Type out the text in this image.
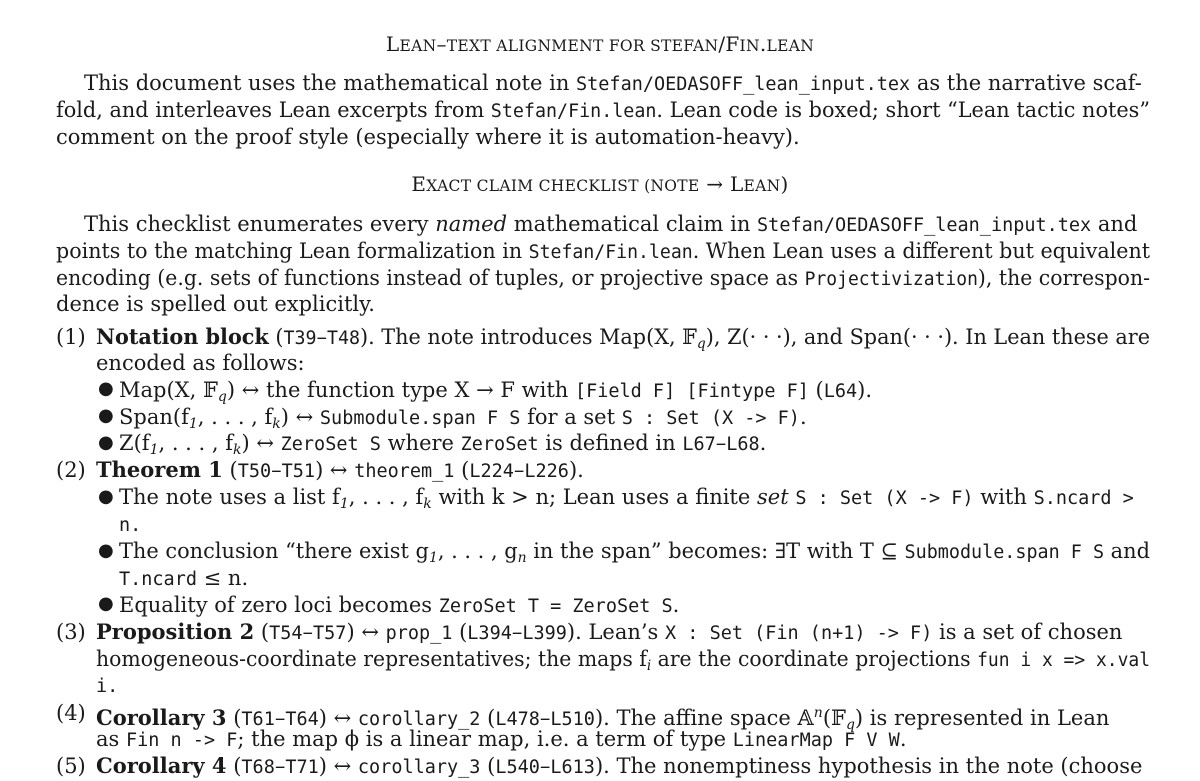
LEAN–TEXT ALIGNMENT FOR STEFAN/FIN.LEAN
This document uses the mathematical note in Stefan/OEDASOFF_lean_input.tex as the narrative scaf-
fold, and interleaves Lean excerpts from Stefan/Fin.lean. Lean code is boxed; short “Lean tactic notes”
comment on the proof style (especially where it is automation-heavy).
EXACT CLAIM CHECKLIST (NOTE → LEAN)
This checklist enumerates every named mathematical claim in Stefan/OEDASOFF_lean_input.tex and
points to the matching Lean formalization in Stefan/Fin.lean. When Lean uses a different but equivalent
encoding (e.g. sets of functions instead of tuples, or projective space as Projectivization), the correspon-
dence is spelled out explicitly.
(1) Notation block (T39–T48). The note introduces Map(X, 𝔽$_q$), Z(· · ·), and Span(· · ·). In Lean these are
encoded as follows:
● Map(X, 𝔽$_q$) ↔ the function type X → F with [Field F] [Fintype F] (L64).
● $Span(f_1$, . . . , $f_k$) ↔ Submodule.span F S for a set S : Set (X -> F).
● $Z(f_1$, . . . , $f_k$) ↔ ZeroSet S where ZeroSet is defined in L67–L68.
(2) Theorem 1 (T50–T51) ↔ theorem_1 (L224–L226).
● The note uses a list $f_1$, . . . , $f_k$ with k > n; Lean uses a finite set S : Set (X -> F) with S.ncard >
n.
● The conclusion “there exist $g_1$, . . . , $g_n$ in the span” becomes: ∃T with T ⊆ Submodule.span F S and
T.ncard ≤ n.
● Equality of zero loci becomes ZeroSet T = ZeroSet S.
(3) Proposition 2 (T54–T57) ↔ prop_1 (L394–L399). Lean’s X : Set (Fin (n+1) -> F) is a set of chosen
homogeneous-coordinate representatives; the maps $f_i$ are the coordinate projections fun i x => x.val
i.
(4) Corollary 3 (T61–T64) ↔ corollary_2 (L478–L510). The affine space 𝔸$^n$(𝔽$_q$) is represented in Lean
as Fin n -> F; the map ϕ is a linear map, i.e. a term of type LinearMap F V W.
(5) Corollary 4 (T68–T71) ↔ corollary_3 (L540–L613). The nonemptiness hypothesis in the note (choose
